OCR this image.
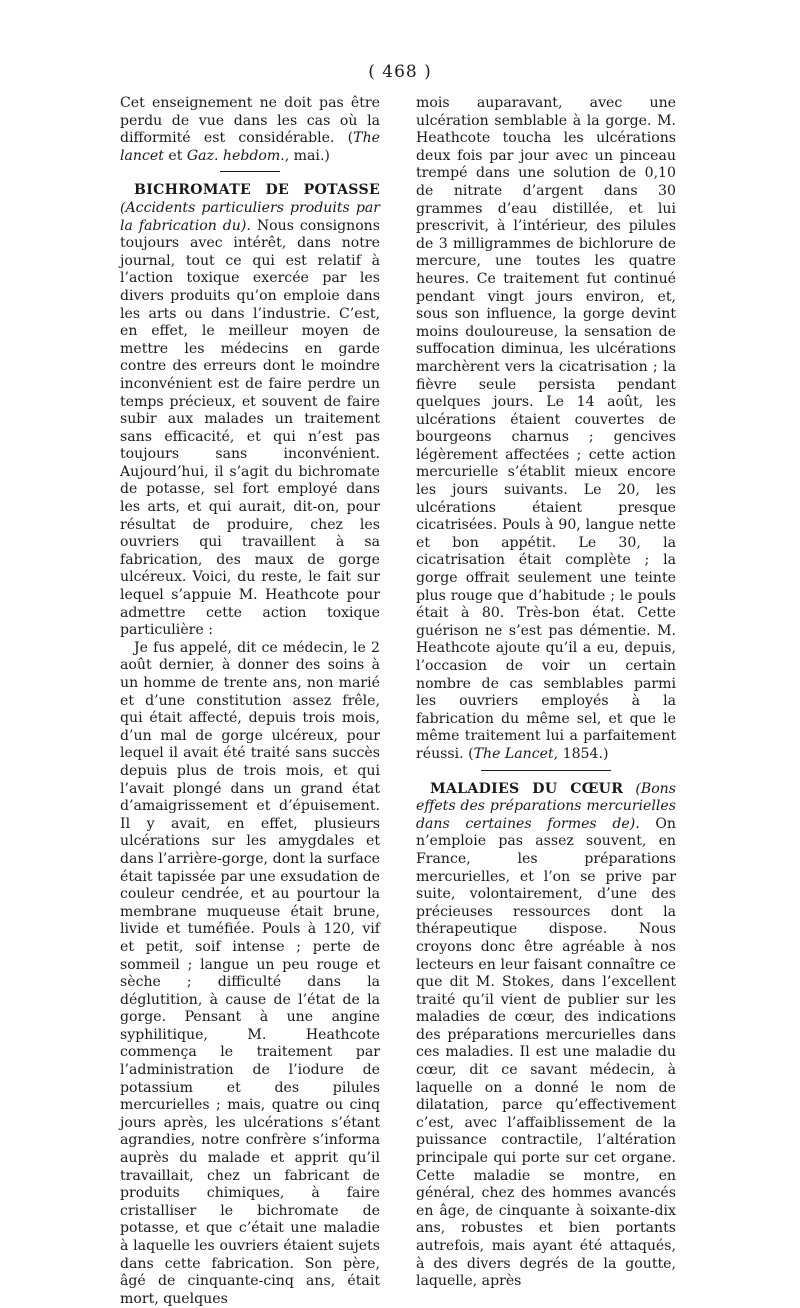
( 468 )

Cet enseignement ne doit pas être perdu de vue dans les cas où la difformité est considérable. (The lancet et Gaz. hebdom., mai.)

BICHROMATE DE POTASSE (Accidents particuliers produits par la fabrication du). Nous consignons toujours avec intérêt, dans notre journal, tout ce qui est relatif à l’action toxique exercée par les divers produits qu’on emploie dans les arts ou dans l’industrie. C’est, en effet, le meilleur moyen de mettre les médecins en garde contre des erreurs dont le moindre inconvénient est de faire perdre un temps précieux, et souvent de faire subir aux malades un traitement sans efficacité, et qui n’est pas toujours sans inconvénient. Aujourd’hui, il s’agit du bichromate de potasse, sel fort employé dans les arts, et qui aurait, dit-on, pour résultat de produire, chez les ouvriers qui travaillent à sa fabrication, des maux de gorge ulcéreux. Voici, du reste, le fait sur lequel s’appuie M. Heathcote pour admettre cette action toxique particulière :

Je fus appelé, dit ce médecin, le 2 août dernier, à donner des soins à un homme de trente ans, non marié et d’une constitution assez frêle, qui était affecté, depuis trois mois, d’un mal de gorge ulcéreux, pour lequel il avait été traité sans succès depuis plus de trois mois, et qui l’avait plongé dans un grand état d’amaigrissement et d’épuisement. Il y avait, en effet, plusieurs ulcérations sur les amygdales et dans l’arrière-gorge, dont la surface était tapissée par une exsudation de couleur cendrée, et au pourtour la membrane muqueuse était brune, livide et tuméfiée. Pouls à 120, vif et petit, soif intense ; perte de sommeil ; langue un peu rouge et sèche ; difficulté dans la déglutition, à cause de l’état de la gorge. Pensant à une angine syphilitique, M. Heathcote commença le traitement par l’administration de l’iodure de potassium et des pilules mercurielles ; mais, quatre ou cinq jours après, les ulcérations s’étant agrandies, notre confrère s’informa auprès du malade et apprit qu’il travaillait, chez un fabricant de produits chimiques, à faire cristalliser le bichromate de potasse, et que c’était une maladie à laquelle les ouvriers étaient sujets dans cette fabrication. Son père, âgé de cinquante-cinq ans, était mort, quelques

mois auparavant, avec une ulcération semblable à la gorge. M. Heathcote toucha les ulcérations deux fois par jour avec un pinceau trempé dans une solution de 0,10 de nitrate d’argent dans 30 grammes d’eau distillée, et lui prescrivit, à l’intérieur, des pilules de 3 milligrammes de bichlorure de mercure, une toutes les quatre heures. Ce traitement fut continué pendant vingt jours environ, et, sous son influence, la gorge devint moins douloureuse, la sensation de suffocation diminua, les ulcérations marchèrent vers la cicatrisation ; la fièvre seule persista pendant quelques jours. Le 14 août, les ulcérations étaient couvertes de bourgeons charnus ; gencives légèrement affectées ; cette action mercurielle s’établit mieux encore les jours suivants. Le 20, les ulcérations étaient presque cicatrisées. Pouls à 90, langue nette et bon appétit. Le 30, la cicatrisation était complète ; la gorge offrait seulement une teinte plus rouge que d’habitude ; le pouls était à 80. Très-bon état. Cette guérison ne s’est pas démentie. M. Heathcote ajoute qu’il a eu, depuis, l’occasion de voir un certain nombre de cas semblables parmi les ouvriers employés à la fabrication du même sel, et que le même traitement lui a parfaitement réussi. (The Lancet, 1854.)

MALADIES DU CŒUR (Bons effets des préparations mercurielles dans certaines formes de). On n’emploie pas assez souvent, en France, les préparations mercurielles, et l’on se prive par suite, volontairement, d’une des précieuses ressources dont la thérapeutique dispose. Nous croyons donc être agréable à nos lecteurs en leur faisant connaître ce que dit M. Stokes, dans l’excellent traité qu’il vient de publier sur les maladies de cœur, des indications des préparations mercurielles dans ces maladies. Il est une maladie du cœur, dit ce savant médecin, à laquelle on a donné le nom de dilatation, parce qu’effectivement c’est, avec l’affaiblissement de la puissance contractile, l’altération principale qui porte sur cet organe. Cette maladie se montre, en général, chez des hommes avancés en âge, de cinquante à soixante-dix ans, robustes et bien portants autrefois, mais ayant été attaqués, à des divers degrés de la goutte, laquelle, après
